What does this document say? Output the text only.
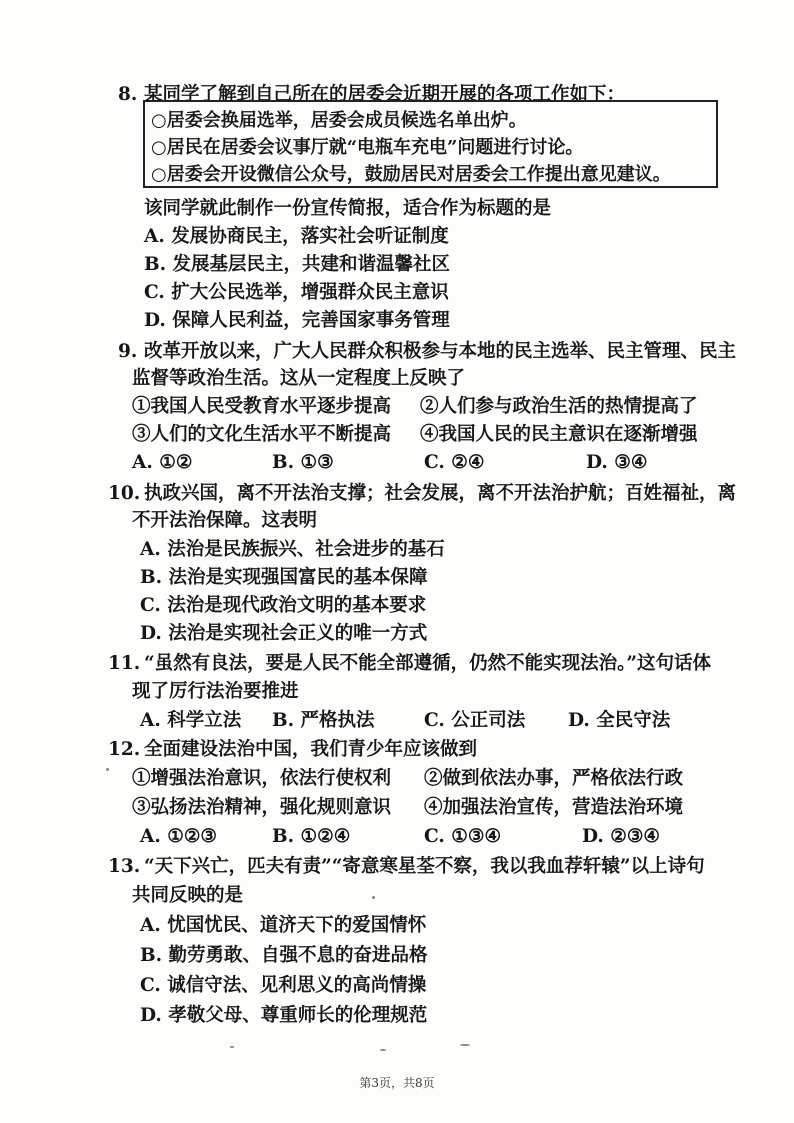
8. 某同学了解到自己所在的居委会近期开展的各项工作如下：
○居委会换届选举，居委会成员候选名单出炉。
○居民在居委会议事厅就“电瓶车充电”问题进行讨论。
○居委会开设微信公众号，鼓励居民对居委会工作提出意见建议。
该同学就此制作一份宣传简报，适合作为标题的是
A. 发展协商民主，落实社会听证制度
B. 发展基层民主，共建和谐温馨社区
C. 扩大公民选举，增强群众民主意识
D. 保障人民利益，完善国家事务管理
9. 改革开放以来，广大人民群众积极参与本地的民主选举、民主管理、民主
监督等政治生活。这从一定程度上反映了
①我国人民受教育水平逐步提高 ②人们参与政治生活的热情提高了
③人们的文化生活水平不断提高 ④我国人民的民主意识在逐渐增强
A. ①②	B. ①③	C. ②④	D. ③④
10. 执政兴国，离不开法治支撑；社会发展，离不开法治护航；百姓福祉，离
不开法治保障。这表明
A. 法治是民族振兴、社会进步的基石
B. 法治是实现强国富民的基本保障
C. 法治是现代政治文明的基本要求
D. 法治是实现社会正义的唯一方式
11. “虽然有良法，要是人民不能全部遵循，仍然不能实现法治。”这句话体
现了厉行法治要推进
A. 科学立法 B. 严格执法	C. 公正司法 D. 全民守法
12. 全面建设法治中国，我们青少年应该做到
①增强法治意识，依法行使权利 ②做到依法办事，严格依法行政
③弘扬法治精神，强化规则意识 ④加强法治宣传，营造法治环境
A. ①②③	B. ①②④	C. ①③④	D. ②③④
13. “天下兴亡，匹夫有责”“寄意寒星荃不察，我以我血荐轩辕”以上诗句
共同反映的是
A. 忧国忧民、道济天下的爱国情怀
B. 勤劳勇敢、自强不息的奋进品格
C. 诚信守法、见利思义的高尚情操
D. 孝敬父母、尊重师长的伦理规范
第3页，共8页
